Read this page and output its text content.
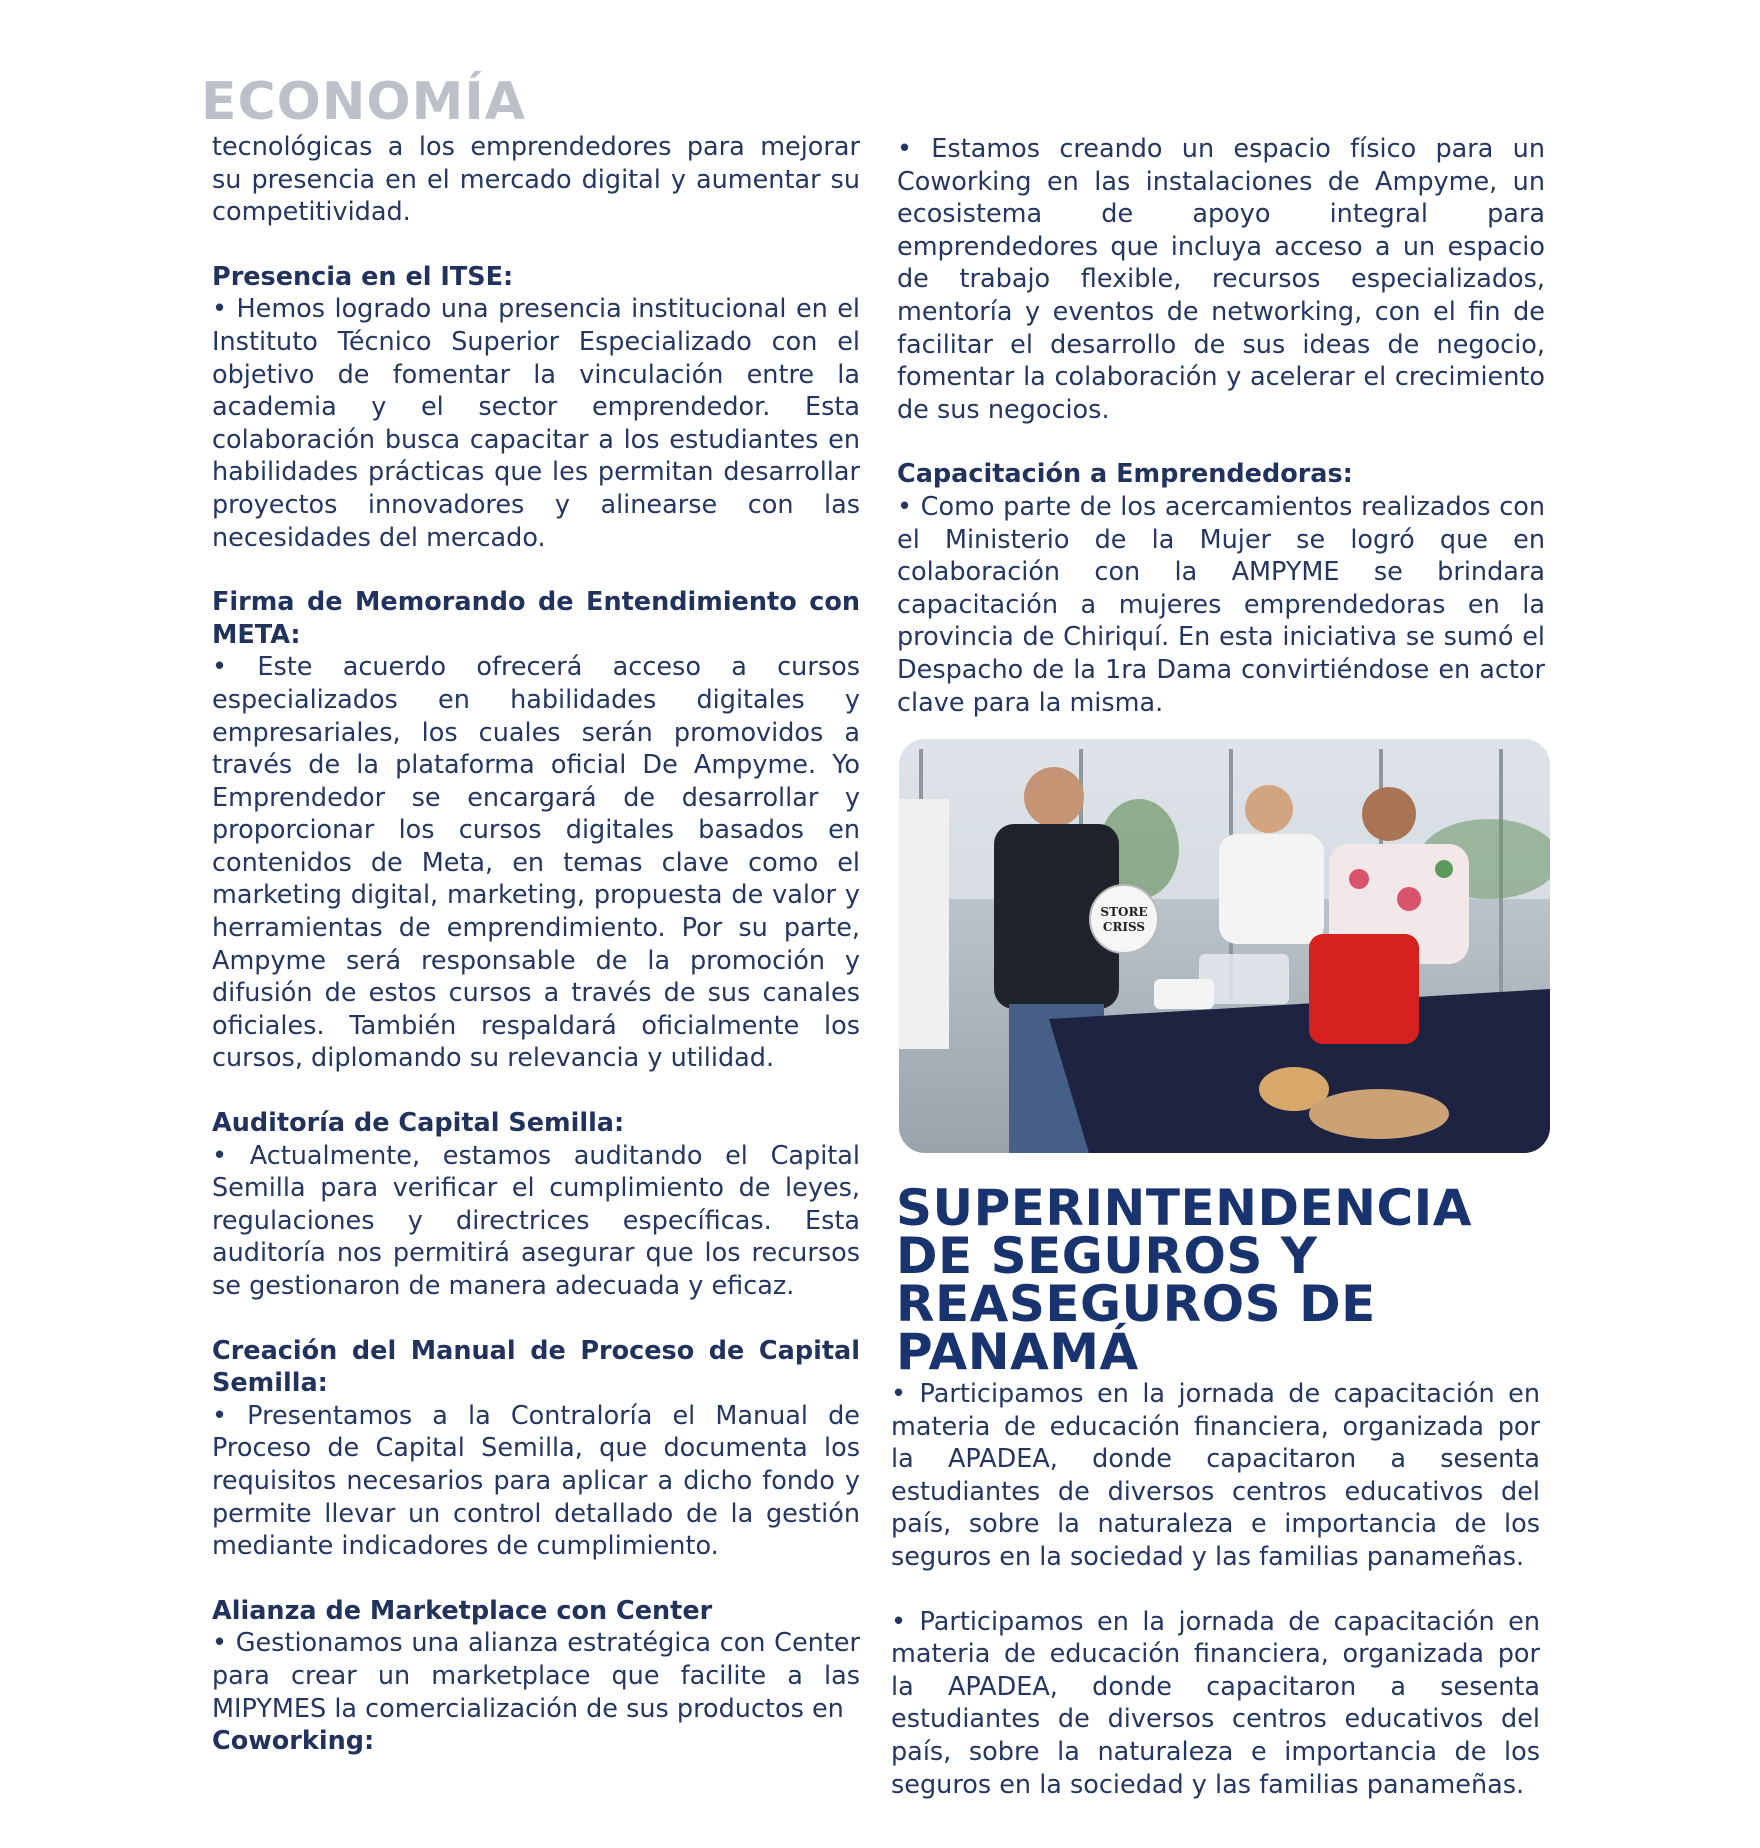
ECONOMÍA

tecnológicas a los emprendedores para mejorar su presencia en el mercado digital y aumentar su competitividad.

Presencia en el ITSE:

• Hemos logrado una presencia institucional en el Instituto Técnico Superior Especializado con el objetivo de fomentar la vinculación entre la academia y el sector emprendedor. Esta colaboración busca capacitar a los estudiantes en habilidades prácticas que les permitan desarrollar proyectos innovadores y alinearse con las necesidades del mercado.

Firma de Memorando de Entendimiento con META:

• Este acuerdo ofrecerá acceso a cursos especializados en habilidades digitales y empresariales, los cuales serán promovidos a través de la plataforma oficial De Ampyme. Yo Emprendedor se encargará de desarrollar y proporcionar los cursos digitales basados en contenidos de Meta, en temas clave como el marketing digital, marketing, propuesta de valor y herramientas de emprendimiento. Por su parte, Ampyme será responsable de la promoción y difusión de estos cursos a través de sus canales oficiales. También respaldará oficialmente los cursos, diplomando su relevancia y utilidad.

Auditoría de Capital Semilla:

• Actualmente, estamos auditando el Capital Semilla para verificar el cumplimiento de leyes, regulaciones y directrices específicas. Esta auditoría nos permitirá asegurar que los recursos se gestionaron de manera adecuada y eficaz.

Creación del Manual de Proceso de Capital Semilla:

• Presentamos a la Contraloría el Manual de Proceso de Capital Semilla, que documenta los requisitos necesarios para aplicar a dicho fondo y permite llevar un control detallado de la gestión mediante indicadores de cumplimiento.

Alianza de Marketplace con Center

• Gestionamos una alianza estratégica con Center para crear un marketplace que facilite a las MIPYMES la comercialización de sus productos en

Coworking:

• Estamos creando un espacio físico para un Coworking en las instalaciones de Ampyme, un ecosistema de apoyo integral para emprendedores que incluya acceso a un espacio de trabajo flexible, recursos especializados, mentoría y eventos de networking, con el fin de facilitar el desarrollo de sus ideas de negocio, fomentar la colaboración y acelerar el crecimiento de sus negocios.

Capacitación a Emprendedoras:

• Como parte de los acercamientos realizados con el Ministerio de la Mujer se logró que en colaboración con la AMPYME se brindara capacitación a mujeres emprendedoras en la provincia de Chiriquí. En esta iniciativa se sumó el Despacho de la 1ra Dama convirtiéndose en actor clave para la misma.

STORE
CRISS
SUPERINTENDENCIA
DE SEGUROS Y
REASEGUROS DE
PANAMÁ

• Participamos en la jornada de capacitación en materia de educación financiera, organizada por la APADEA, donde capacitaron a sesenta estudiantes de diversos centros educativos del país, sobre la naturaleza e importancia de los seguros en la sociedad y las familias panameñas.

• Participamos en la jornada de capacitación en materia de educación financiera, organizada por la APADEA, donde capacitaron a sesenta estudiantes de diversos centros educativos del país, sobre la naturaleza e importancia de los seguros en la sociedad y las familias panameñas.
